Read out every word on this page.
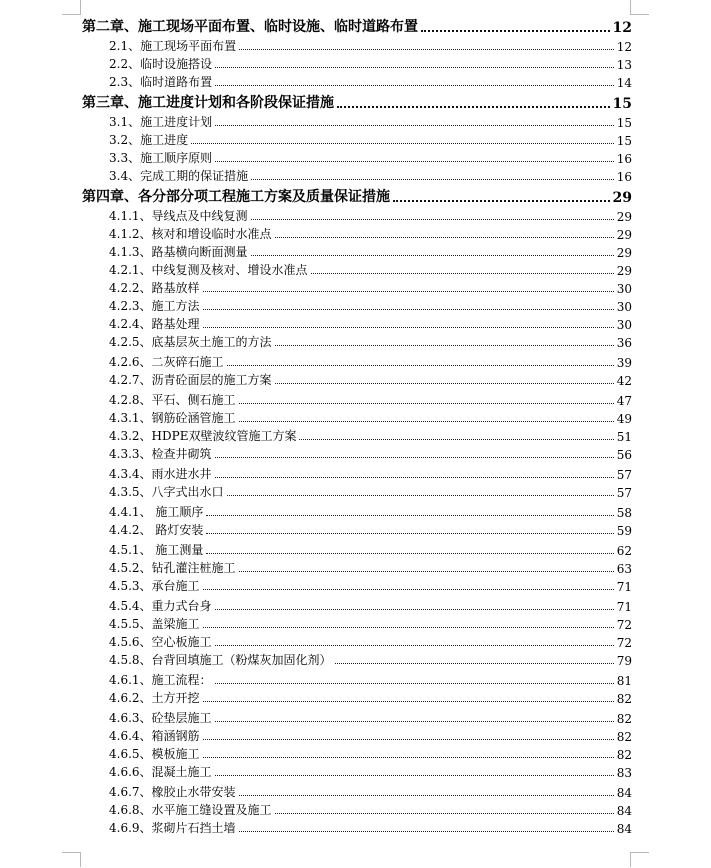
第二章、施工现场平面布置、临时设施、临时道路布置	12
2.1、施工现场平面布置	12
2.2、临时设施搭设	13
2.3、临时道路布置	14
第三章、施工进度计划和各阶段保证措施	15
3.1、施工进度计划	15
3.2、施工进度	15
3.3、施工顺序原则	16
3.4、完成工期的保证措施	16
第四章、各分部分项工程施工方案及质量保证措施	29
4.1.1、导线点及中线复测	29
4.1.2、核对和增设临时水准点	29
4.1.3、路基横向断面测量	29
4.2.1、中线复测及核对、增设水准点	29
4.2.2、路基放样	30
4.2.3、施工方法	30
4.2.4、路基处理	30
4.2.5、底基层灰土施工的方法	36
4.2.6、二灰碎石施工	39
4.2.7、沥青砼面层的施工方案	42
4.2.8、平石、侧石施工	47
4.3.1、钢筋砼涵管施工	49
4.3.2、HDPE双壁波纹管施工方案	51
4.3.3、检查井砌筑	56
4.3.4、雨水进水井	57
4.3.5、八字式出水口	57
4.4.1、 施工顺序	58
4.4.2、 路灯安装	59
4.5.1、 施工测量	62
4.5.2、钻孔灌注桩施工	63
4.5.3、承台施工	71
4.5.4、重力式台身	71
4.5.5、盖梁施工	72
4.5.6、空心板施工	72
4.5.8、台背回填施工（粉煤灰加固化剂）	79
4.6.1、施工流程：	81
4.6.2、土方开挖	82
4.6.3、砼垫层施工	82
4.6.4、箱涵钢筋	82
4.6.5、模板施工	82
4.6.6、混凝土施工	83
4.6.7、橡胶止水带安装	84
4.6.8、水平施工缝设置及施工	84
4.6.9、浆砌片石挡土墙	84
